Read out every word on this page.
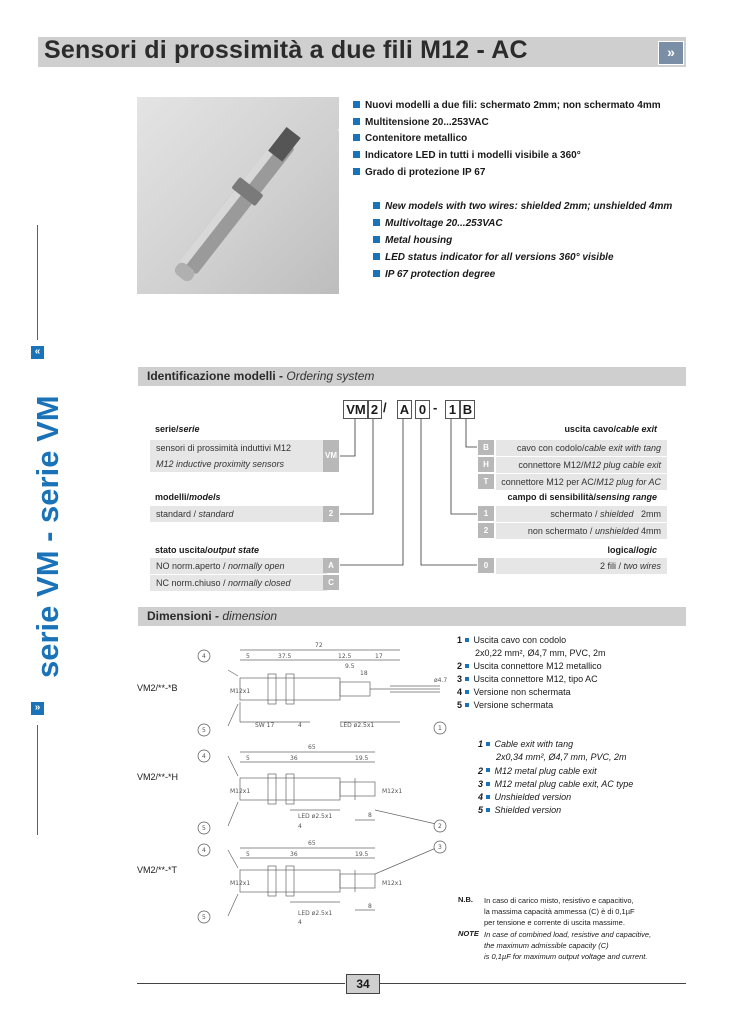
Sensori di prossimità a due fili M12 - AC	»
Nuovi modelli a due fili: schermato 2mm; non schermato 4mm
Multitensione 20...253VAC
Contenitore metallico
Indicatore LED in tutti i modelli visibile a 360°
Grado di protezione IP 67
New models with two wires: shielded 2mm; unshielded 4mm
Multivoltage 20...253VAC
Metal housing
LED status indicator for all versions 360° visible
IP 67 protection degree
«
»
serie VM - serie VM
Identificazione modelli - Ordering system
VM 2 / A 0 - 1 B
serie/serie
sensori di prossimità induttivi M12
M12 inductive proximity sensors
VM
modelli/models
standard / standard	2
stato uscita/output state
NO norm.aperto / normally open	A
NC norm.chiuso / normally closed	C
uscita cavo/cable exit
B	cavo con codolo/cable exit with tang
H	connettore M12/M12 plug cable exit
T	connettore M12 per AC/M12 plug for AC
campo di sensibilità/sensing range
1	schermato / shielded 2mm
2	non schermato / unshielded 4mm
logica/logic
0	2 fili / two wires
Dimensioni - dimension
VM2/**-*B
VM2/**-*H
VM2/**-*T
4
5	1
4
5	2
4
5
3
72
37.5	12.5	17
9.5
5
SW 17	4	LED ø2.5x1
ø4.7
M12x1
18
65
36	19.5
5
M12x1	M12x1
LED ø2.5x1	8
4
65
36	19.5
5
M12x1	M12x1
LED ø2.5x1
8
4
1 Uscita cavo con codolo
2x0,22 mm², Ø4,7 mm, PVC, 2m
2 Uscita connettore M12 metallico
3 Uscita connettore M12, tipo AC
4 Versione non schermata
5 Versione schermata
1 Cable exit with tang
2x0,34 mm², Ø4,7 mm, PVC, 2m
2 M12 metal plug cable exit
3 M12 metal plug cable exit, AC type
4 Unshielded version
5 Shielded version
N.B. In caso di carico misto, resistivo e capacitivo,
la massima capacità ammessa (C) è di 0,1µF
per tensione e corrente di uscita massime.
NOTE In case of combined load, resistive and capacitive,
the maximum admissible capacity (C)
is 0,1µF for maximum output voltage and current.
34
